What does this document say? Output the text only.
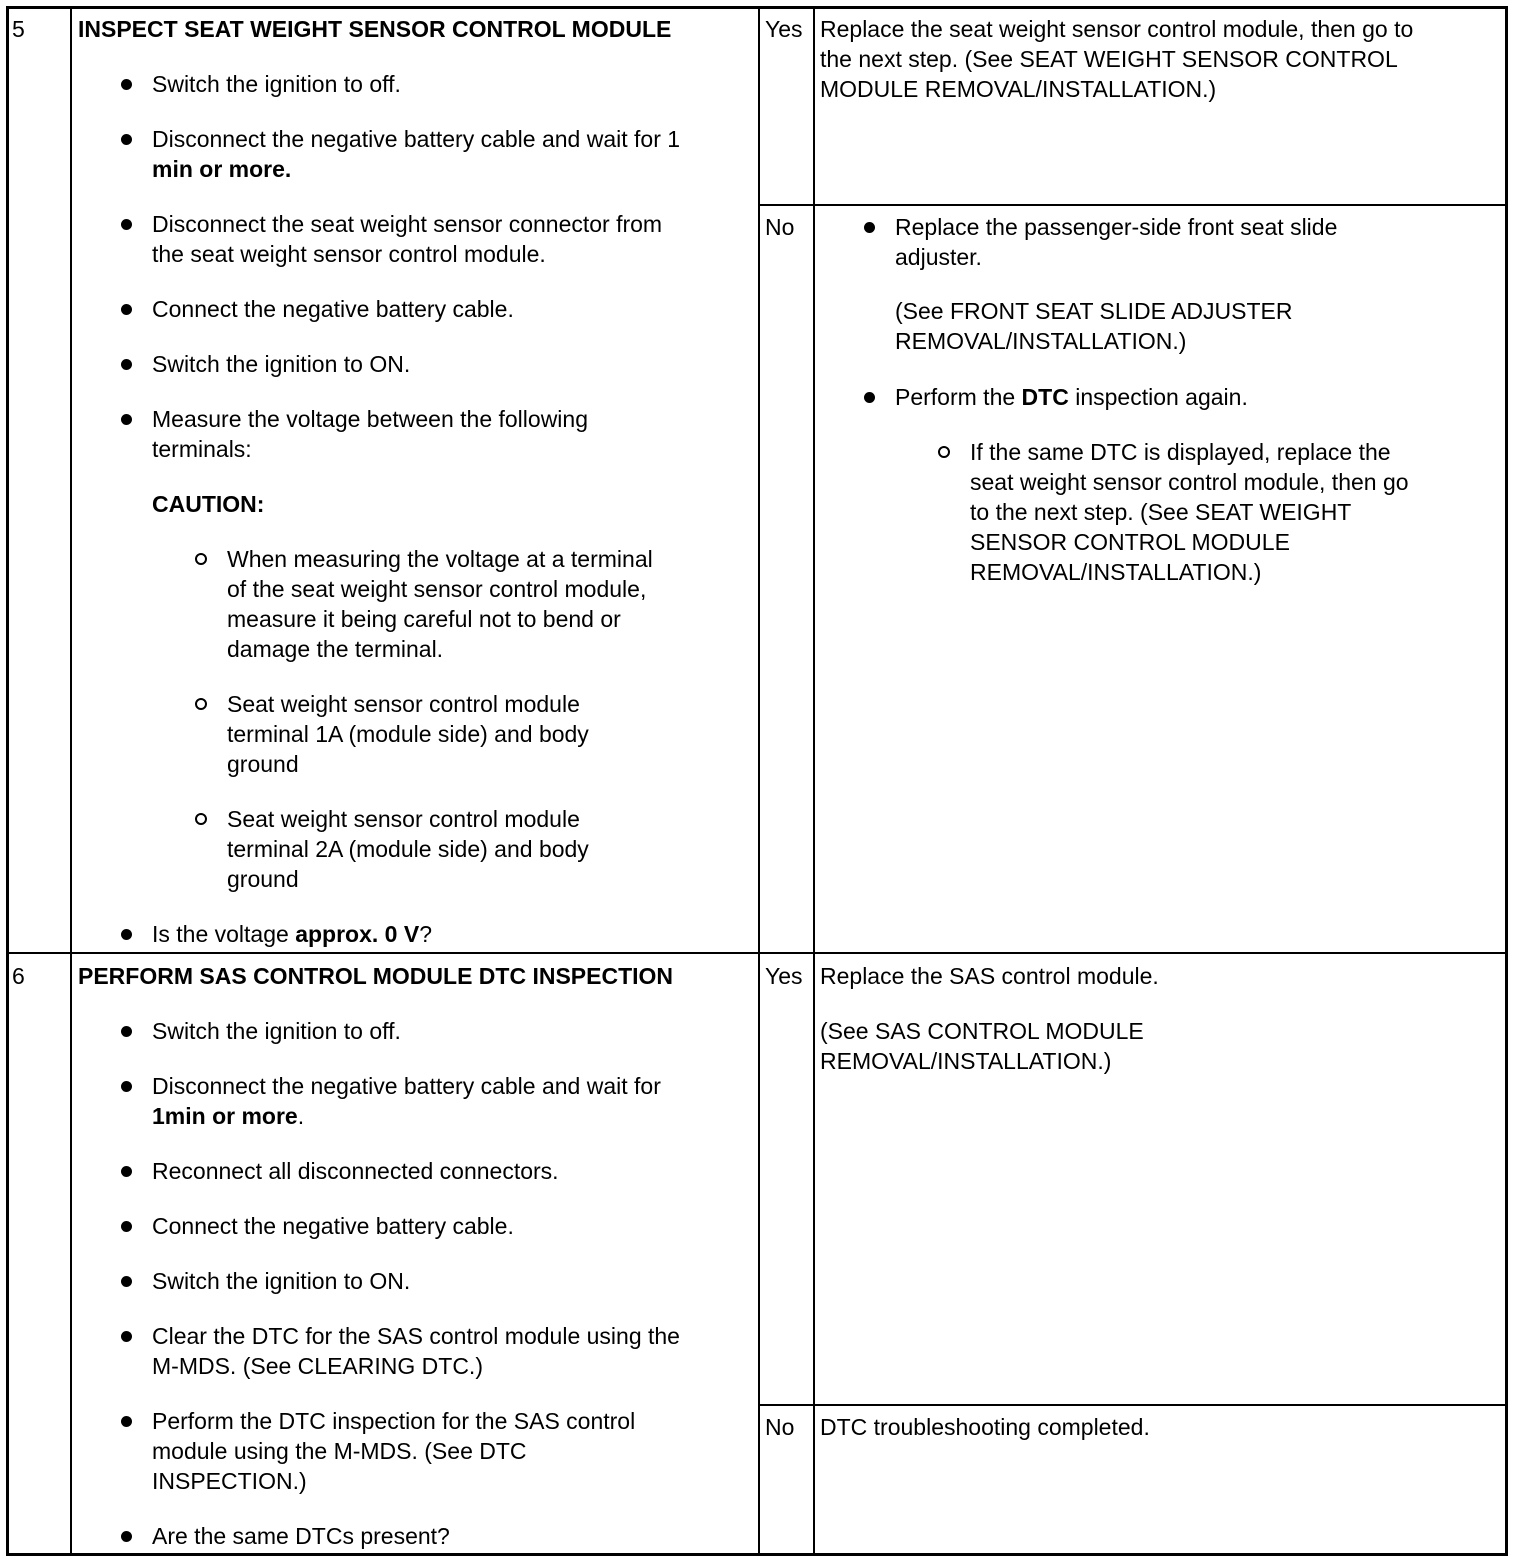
5 INSPECT SEAT WEIGHT SENSOR CONTROL MODULE
Switch the ignition to off.
Disconnect the negative battery cable and wait for 1
min or more.
Disconnect the seat weight sensor connector from
the seat weight sensor control module.
Connect the negative battery cable.
Switch the ignition to ON.
Measure the voltage between the following
terminals:
CAUTION:
When measuring the voltage at a terminal
of the seat weight sensor control module,
measure it being careful not to bend or
damage the terminal.
Seat weight sensor control module
terminal 1A (module side) and body
ground
Seat weight sensor control module
terminal 2A (module side) and body
ground
Is the voltage approx. 0 V?
Yes Replace the seat weight sensor control module, then go to
the next step. (See SEAT WEIGHT SENSOR CONTROL
MODULE REMOVAL/INSTALLATION.)
No	Replace the passenger-side front seat slide
adjuster.
(See FRONT SEAT SLIDE ADJUSTER
REMOVAL/INSTALLATION.)
Perform the DTC inspection again.
If the same DTC is displayed, replace the
seat weight sensor control module, then go
to the next step. (See SEAT WEIGHT
SENSOR CONTROL MODULE
REMOVAL/INSTALLATION.)
6 PERFORM SAS CONTROL MODULE DTC INSPECTION
Switch the ignition to off.
Disconnect the negative battery cable and wait for
1min or more.
Reconnect all disconnected connectors.
Connect the negative battery cable.
Switch the ignition to ON.
Clear the DTC for the SAS control module using the
M-MDS. (See CLEARING DTC.)
Perform the DTC inspection for the SAS control
module using the M-MDS. (See DTC
INSPECTION.)
Are the same DTCs present?
Yes Replace the SAS control module.
(See SAS CONTROL MODULE
REMOVAL/INSTALLATION.)
No DTC troubleshooting completed.
